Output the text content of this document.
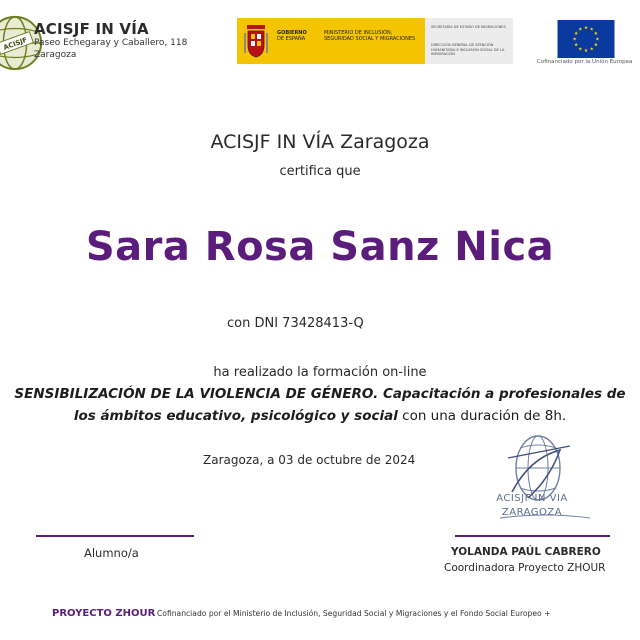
ACISJF
ACISJF IN VÍA
Paseo Echegaray y Caballero, 118
Zaragoza
GOBIERNO
DE ESPAÑA
MINISTERIO DE INCLUSIÓN, SEGURIDAD SOCIAL Y MIGRACIONES
SECRETARÍA DE ESTADO DE MIGRACIONES
DIRECCIÓN GENERAL DE ATENCIÓN HUMANITARIA E INCLUSIÓN SOCIAL DE LA INMIGRACIÓN
Cofinanciado por la Unión Europea
ACISJF IN VÍA Zaragoza
certifica que
Sara Rosa Sanz Nica
con DNI 73428413-Q
ha realizado la formación on-line
SENSIBILIZACIÓN DE LA VIOLENCIA DE GÉNERO. Capacitación a profesionales de
los ámbitos educativo, psicológico y social con una duración de 8h.
Zaragoza, a 03 de octubre de 2024
ACISJF IN VIA
ZARAGOZA
Alumno/a	YOLANDA PAÚL CABRERO
Coordinadora Proyecto ZHOUR
PROYECTO ZHOUR Cofinanciado por el Ministerio de Inclusión, Seguridad Social y Migraciones y el Fondo Social Europeo +
